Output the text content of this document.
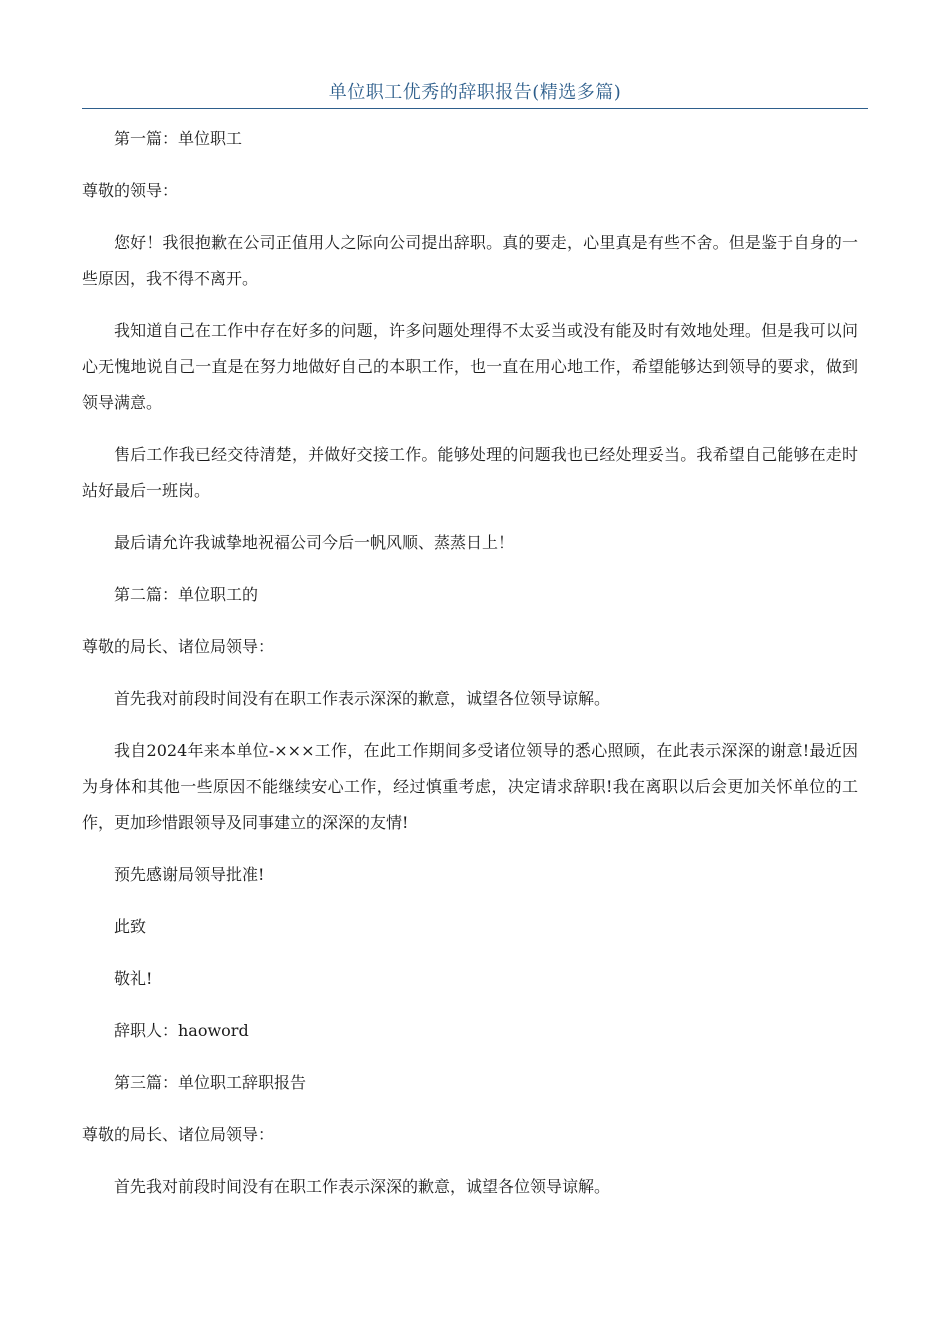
单位职工优秀的辞职报告(精选多篇)

第一篇：单位职工

尊敬的领导：

您好！我很抱歉在公司正值用人之际向公司提出辞职。真的要走，心里真是有些不舍。但是鉴于自身的一些原因，我不得不离开。

我知道自己在工作中存在好多的问题，许多问题处理得不太妥当或没有能及时有效地处理。但是我可以问心无愧地说自己一直是在努力地做好自己的本职工作，也一直在用心地工作，希望能够达到领导的要求，做到领导满意。

售后工作我已经交待清楚，并做好交接工作。能够处理的问题我也已经处理妥当。我希望自己能够在走时站好最后一班岗。

最后请允许我诚挚地祝福公司今后一帆风顺、蒸蒸日上！

第二篇：单位职工的

尊敬的局长、诸位局领导：

首先我对前段时间没有在职工作表示深深的歉意，诚望各位领导谅解。

我自2024年来本单位-×××工作，在此工作期间多受诸位领导的悉心照顾，在此表示深深的谢意!最近因为身体和其他一些原因不能继续安心工作，经过慎重考虑，决定请求辞职!我在离职以后会更加关怀单位的工作，更加珍惜跟领导及同事建立的深深的友情!

预先感谢局领导批准!

此致

敬礼!

辞职人：haoword

第三篇：单位职工辞职报告

尊敬的局长、诸位局领导：

首先我对前段时间没有在职工作表示深深的歉意，诚望各位领导谅解。
